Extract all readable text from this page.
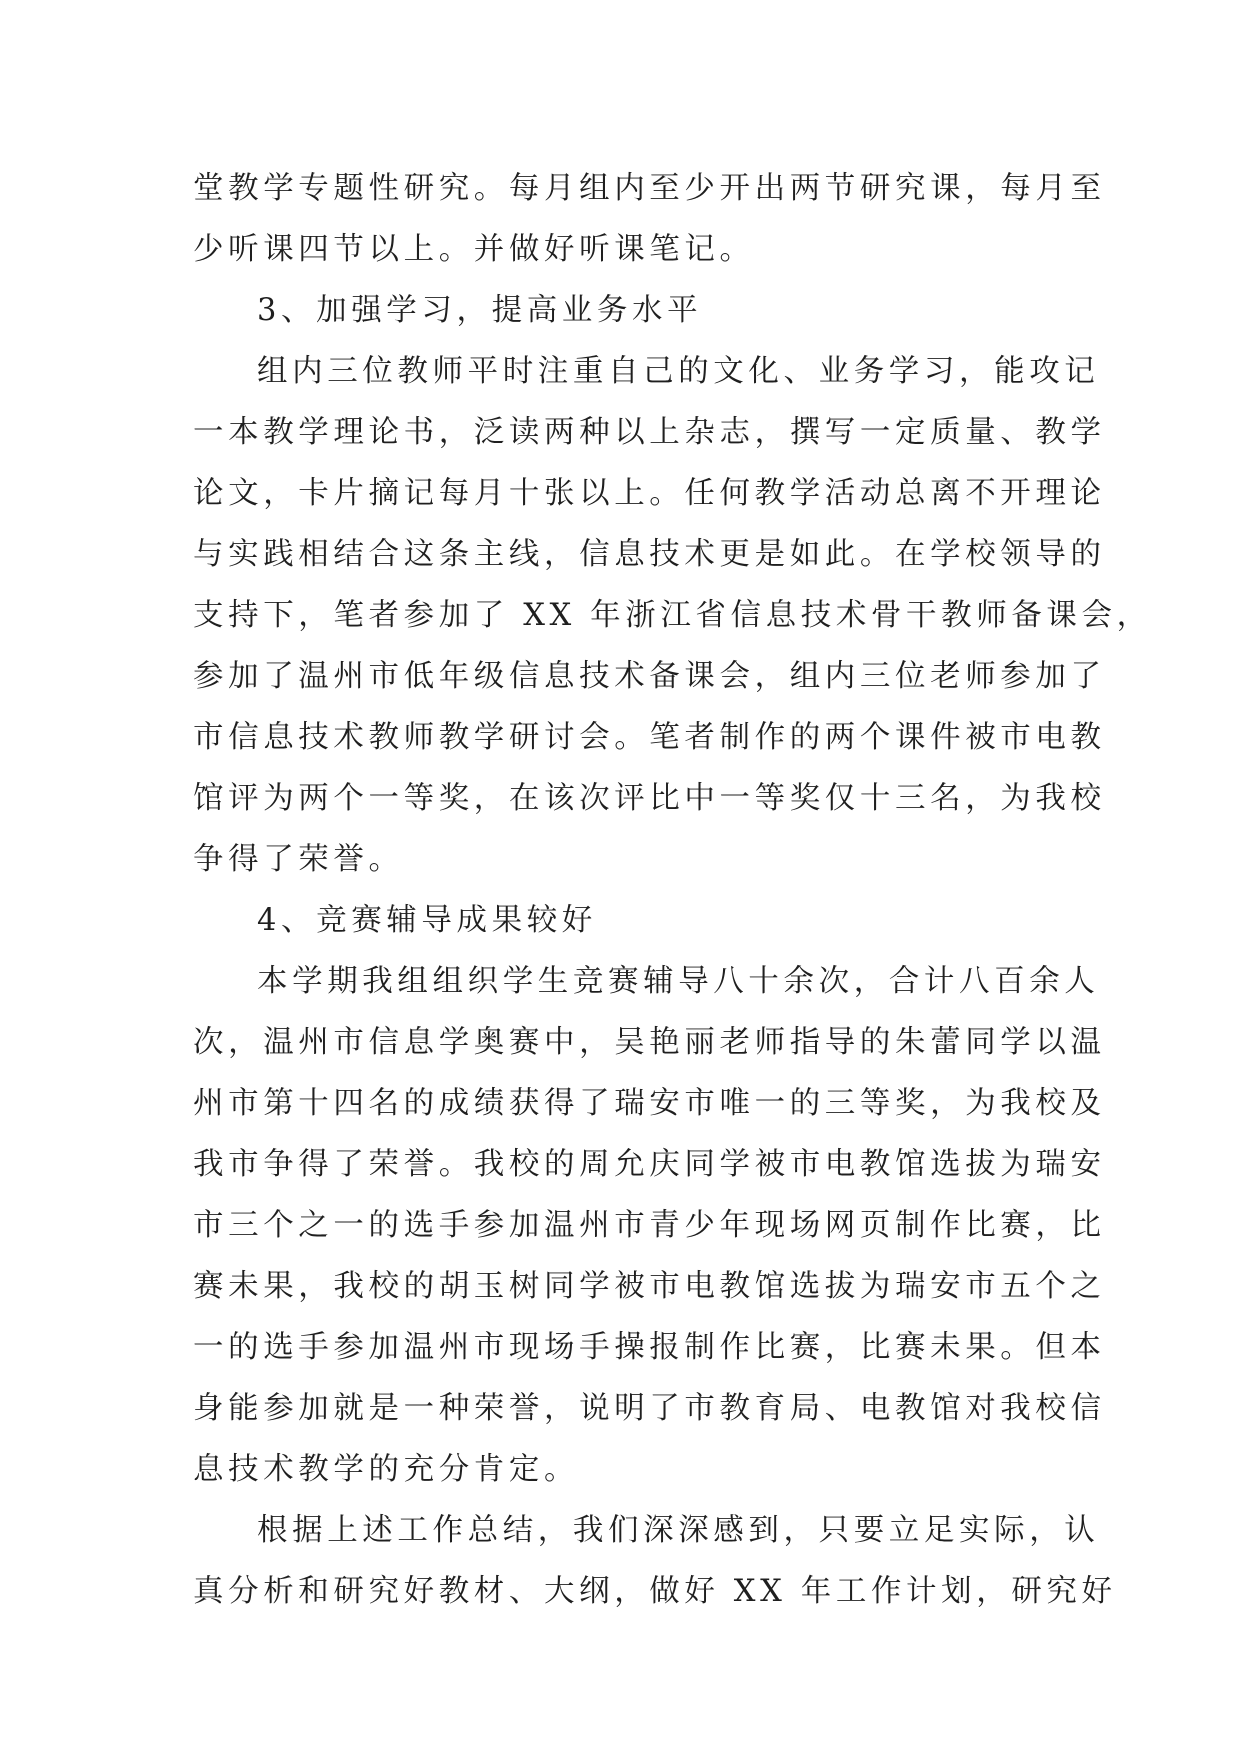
堂教学专题性研究。每月组内至少开出两节研究课，每月至
少听课四节以上。并做好听课笔记。
3、加强学习，提高业务水平
组内三位教师平时注重自己的文化、业务学习，能攻记
一本教学理论书，泛读两种以上杂志，撰写一定质量、教学
论文，卡片摘记每月十张以上。任何教学活动总离不开理论
与实践相结合这条主线，信息技术更是如此。在学校领导的
支持下，笔者参加了 XX 年浙江省信息技术骨干教师备课会，
参加了温州市低年级信息技术备课会，组内三位老师参加了
市信息技术教师教学研讨会。笔者制作的两个课件被市电教
馆评为两个一等奖，在该次评比中一等奖仅十三名，为我校
争得了荣誉。
4、竞赛辅导成果较好
本学期我组组织学生竞赛辅导八十余次，合计八百余人
次，温州市信息学奥赛中，吴艳丽老师指导的朱蕾同学以温
州市第十四名的成绩获得了瑞安市唯一的三等奖，为我校及
我市争得了荣誉。我校的周允庆同学被市电教馆选拔为瑞安
市三个之一的选手参加温州市青少年现场网页制作比赛，比
赛未果，我校的胡玉树同学被市电教馆选拔为瑞安市五个之
一的选手参加温州市现场手操报制作比赛，比赛未果。但本
身能参加就是一种荣誉，说明了市教育局、电教馆对我校信
息技术教学的充分肯定。
根据上述工作总结，我们深深感到，只要立足实际，认
真分析和研究好教材、大纲，做好 XX 年工作计划，研究好
